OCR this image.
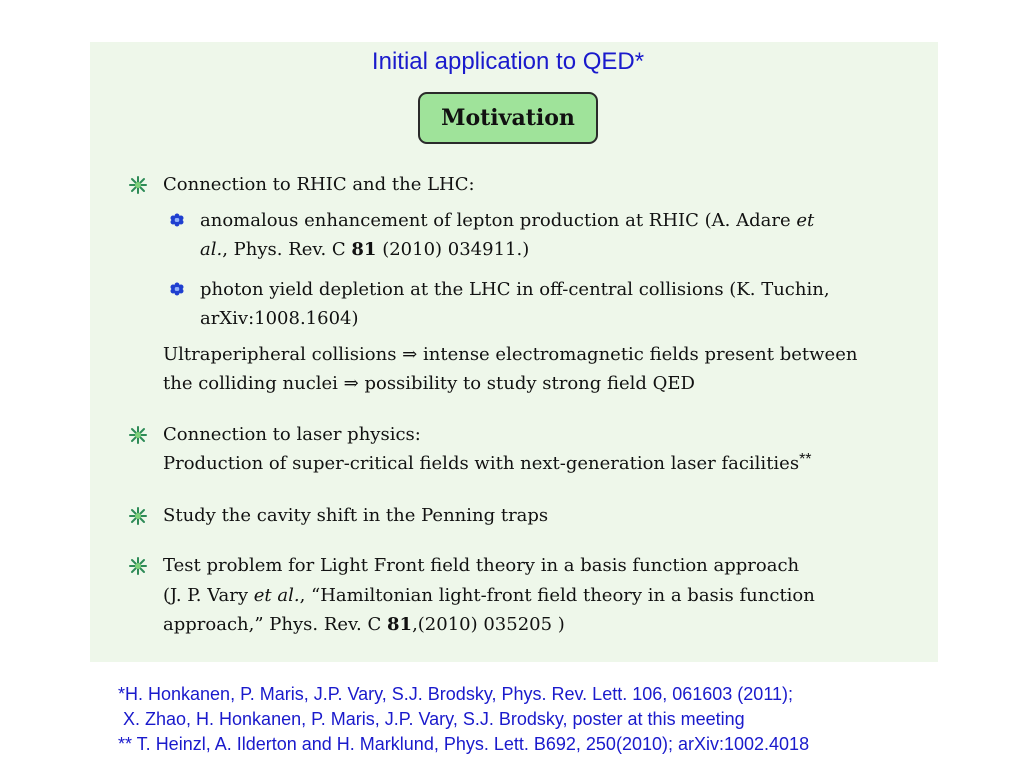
Initial application to QED*
Motivation
Connection to RHIC and the LHC:
anomalous enhancement of lepton production at RHIC (A. Adare et
al., Phys. Rev. C 81 (2010) 034911.)
photon yield depletion at the LHC in off-central collisions (K. Tuchin,
arXiv:1008.1604)
Ultraperipheral collisions ⇒ intense electromagnetic fields present between
the colliding nuclei ⇒ possibility to study strong field QED
Connection to laser physics:
Production of super-critical fields with next-generation laser facilities**
Study the cavity shift in the Penning traps
Test problem for Light Front field theory in a basis function approach
(J. P. Vary et al., “Hamiltonian light-front field theory in a basis function
approach,” Phys. Rev. C 81,(2010) 035205 )
*H. Honkanen, P. Maris, J.P. Vary, S.J. Brodsky, Phys. Rev. Lett. 106, 061603 (2011);
X. Zhao, H. Honkanen, P. Maris, J.P. Vary, S.J. Brodsky, poster at this meeting
** T. Heinzl, A. Ilderton and H. Marklund, Phys. Lett. B692, 250(2010); arXiv:1002.4018
